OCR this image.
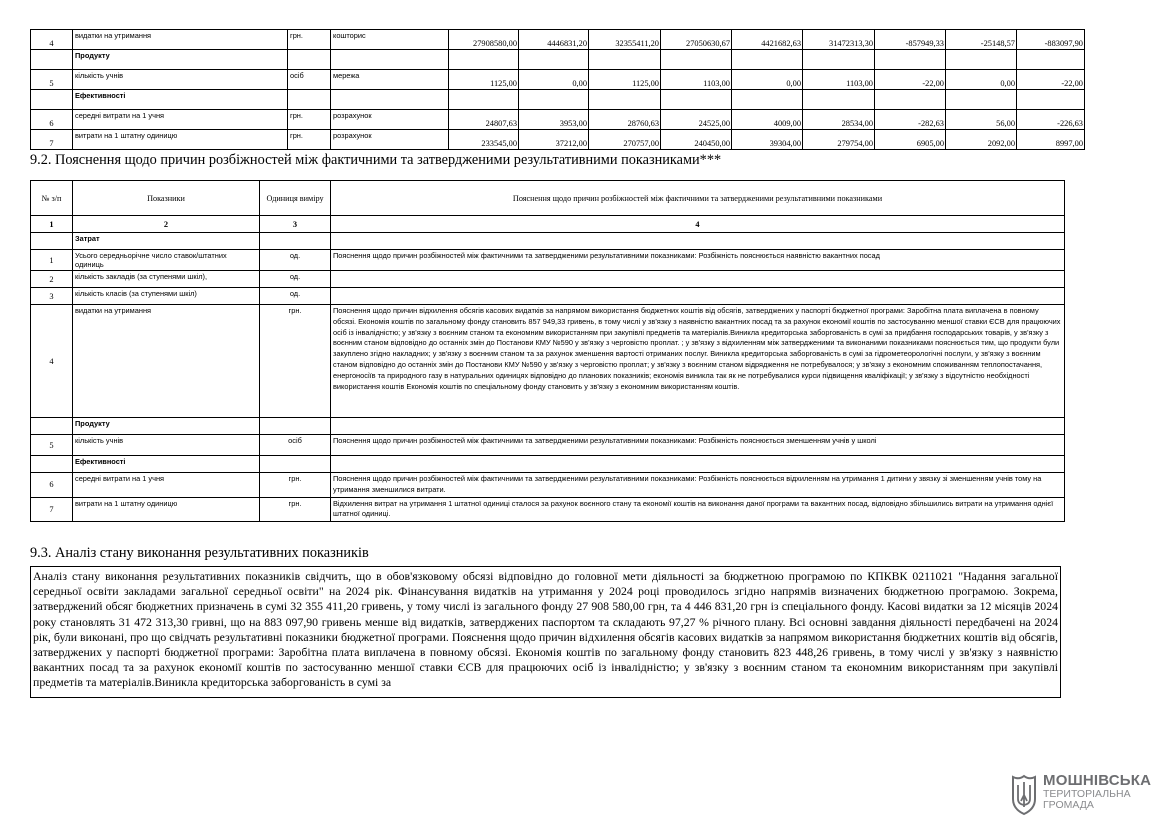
4	видатки на утримання	грн.	кошторис	27908580,00	4446831,20	32355411,20	27050630,67	4421682,63	31472313,30	-857949,33	-25148,57	-883097,90
	Продукту											
5	кількість учнів	осіб	мережа	1125,00	0,00	1125,00	1103,00	0,00	1103,00	-22,00	0,00	-22,00
	Ефективності											
6	середні витрати на 1 учня	грн.	розрахунок	24807,63	3953,00	28760,63	24525,00	4009,00	28534,00	-282,63	56,00	-226,63
7	витрати на 1 штатну одиницю	грн.	розрахунок	233545,00	37212,00	270757,00	240450,00	39304,00	279754,00	6905,00	2092,00	8997,00
9.2. Пояснення щодо причин розбіжностей між фактичними та затвердженими результативними показниками***
№ з/п	Показники	Одиниця виміру	Пояснення щодо причин розбіжностей між фактичними та затвердженими результативними показниками
1	2	3	4
	Затрат		
1	Усього середньорічне число ставок/штатних одиниць	од.	Пояснення щодо причин розбіжностей між фактичними та затвердженими результативними показниками: Розбіжність пояснюється наявністю вакантних посад
2	кількість закладів (за ступенями шкіл),	од.	
3	кількість класів (за ступенями шкіл)	од.	
4	видатки на утримання	грн.	Пояснення щодо причин відхилення обсягів касових видатків за напрямом використання бюджетних коштів від обсягів, затверджених у паспорті бюджетної програми: Заробітна плата виплачена в повному обсязі. Економія коштів по загальному фонду становить 857 949,33 гривень, в тому числі у зв'язку з наявністю вакантних посад та за рахунок економії коштів по застосуванню меншої ставки ЄСВ для працюючих осіб із інвалідністю; у зв'язку з воєнним станом та економним використанням при закупівлі предметів та матеріалів.Виникла кредиторська заборгованість в сумі за придбання господарських товарів, у зв'язку з воєнним станом відповідно до останніх змін до Постанови КМУ №590 у зв'язку з черговістю проплат. ; у зв'язку з відхиленням між затвердженими та виконаними показниками пояснюється тим, що продукти були закуплено згідно накладних; у зв'язку з воєнним станом та за рахунок зменшення вартості отриманих послуг. Виникла кредиторська заборгованість в сумі за гідрометеорологічні послуги, у зв'язку з воєнним станом відповідно до останніх змін до Постанови КМУ №590 у зв'язку з черговістю проплат; у зв'язку з воєнним станом відрядження не потребувалося; у зв'язку з економним споживанням теплопостачання, енергоносіїв та природного газу в натуральних одиницях відповідно до планових показників; економія виникла так як не потребувалися курси підвищення кваліфікації; у зв'язку з відсутністю необхідності використання коштів Економія коштів по спеціальному фонду становить у зв'язку з економним використанням коштів.
	Продукту		
5	кількість учнів	осіб	Пояснення щодо причин розбіжностей між фактичними та затвердженими результативними показниками: Розбіжність пояснюється зменшенням учнів у школі
	Ефективності		
6	середні витрати на 1 учня	грн.	Пояснення щодо причин розбіжностей між фактичними та затвердженими результативними показниками: Розбіжність пояснюється відхиленням на утримання 1 дитини у звязку зі зменшенням учнів тому на утримання зменшилися витрати.
7	витрати на 1 штатну одиницю	грн.	Відхилення витрат на утримання 1 штатної одиниці сталося за рахунок воєнного стану та економії коштів на виконання даної програми та вакантних посад, відповідно збільшились витрати на утримання однієї штатної одиниці.
9.3. Аналіз стану виконання результативних показників
Аналіз стану виконання результативних показників свідчить, що в обов'язковому обсязі відповідно до головної мети діяльності за бюджетною програмою по КПКВК 0211021 "Надання загальної середньої освіти закладами загальної середньої освіти" на 2024 рік. Фінансування видатків на утримання у 2024 році проводилось згідно напрямів визначених бюджетною програмою. Зокрема, затверджений обсяг бюджетних призначень в сумі 32 355 411,20 гривень, у тому числі із загального фонду 27 908 580,00 грн, та 4 446 831,20 грн із спеціального фонду. Касові видатки за 12 місяців 2024 року становлять 31 472 313,30 гривні, що на 883 097,90 гривень менше від видатків, затверджених паспортом та складають 97,27 % річного плану. Всі основні завдання діяльності передбачені на 2024 рік, були виконані, про що свідчать результативні показники бюджетної програми. Пояснення щодо причин відхилення обсягів касових видатків за напрямом використання бюджетних коштів від обсягів, затверджених у паспорті бюджетної програми: Заробітна плата виплачена в повному обсязі. Економія коштів по загальному фонду становить 823 448,26 гривень, в тому числі у зв'язку з наявністю вакантних посад та за рахунок економії коштів по застосуванню меншої ставки ЄСВ для працюючих осіб із інвалідністю; у зв'язку з воєнним станом та економним використанням при закупівлі предметів та матеріалів.Виникла кредиторська заборгованість в сумі за
МОШНІВСЬКА
ТЕРИТОРІАЛЬНА
ГРОМАДА
